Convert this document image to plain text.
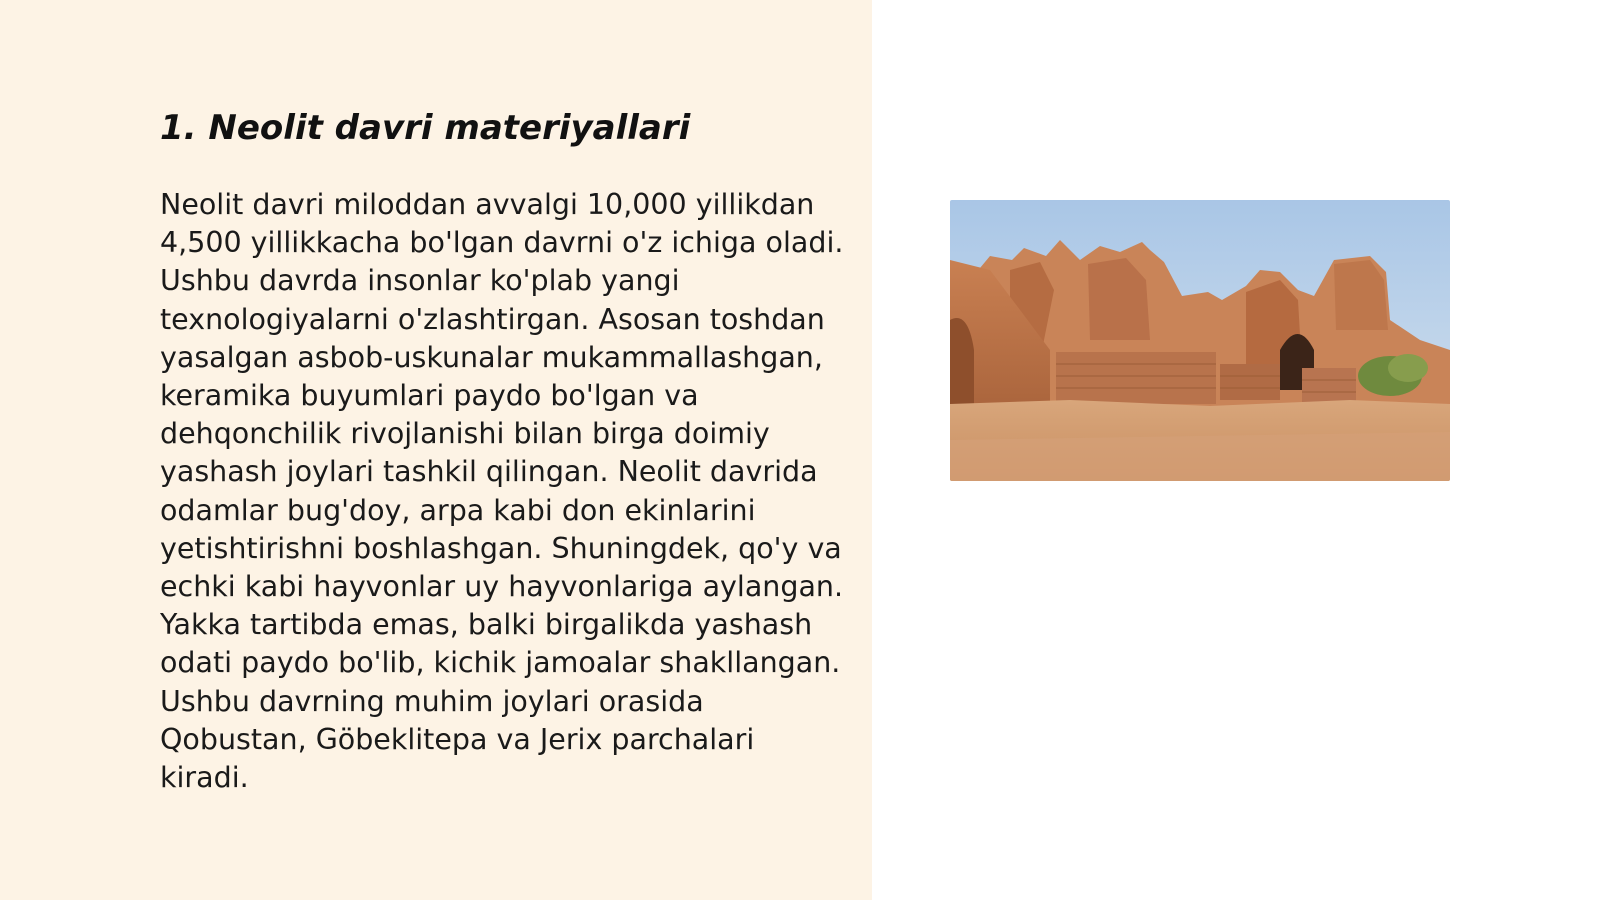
1. Neolit davri materiyallari

Neolit davri miloddan avvalgi 10,000 yillikdan 4,500 yillikkacha bo'lgan davrni o'z ichiga oladi. Ushbu davrda insonlar ko'plab yangi texnologiyalarni o'zlashtirgan. Asosan toshdan yasalgan asbob-uskunalar mukammallashgan, keramika buyumlari paydo bo'lgan va dehqonchilik rivojlanishi bilan birga doimiy yashash joylari tashkil qilingan. Neolit davrida odamlar bug'doy, arpa kabi don ekinlarini yetishtirishni boshlashgan. Shuningdek, qo'y va echki kabi hayvonlar uy hayvonlariga aylangan. Yakka tartibda emas, balki birgalikda yashash odati paydo bo'lib, kichik jamoalar shakllangan. Ushbu davrning muhim joylari orasida Qobustan, Göbeklitepa va Jerix parchalari kiradi.
